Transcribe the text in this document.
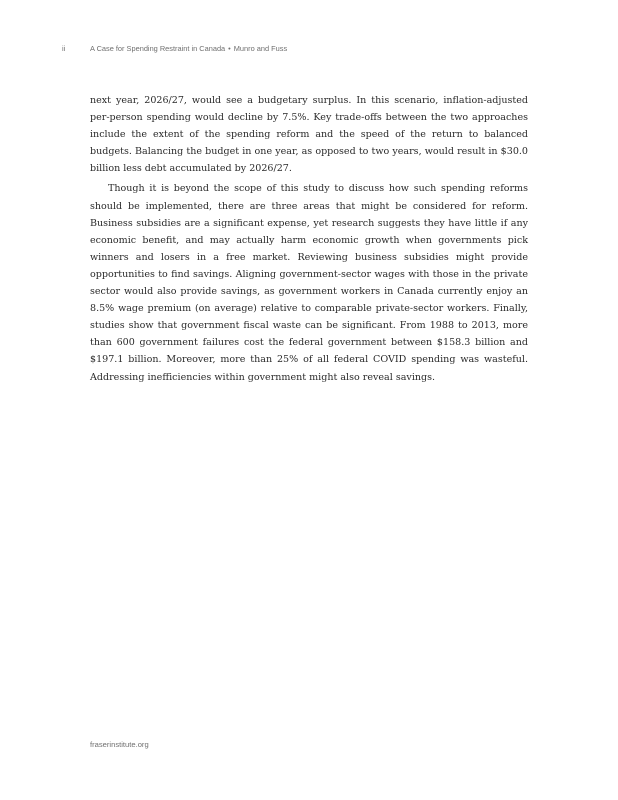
ii	A Case for Spending Restraint in Canada • Munro and Fuss

next year, 2026/27, would see a budgetary surplus. In this scenario, inflation-adjusted per-person spending would decline by 7.5%. Key trade-offs between the two approaches include the extent of the spending reform and the speed of the return to balanced budgets. Balancing the budget in one year, as opposed to two years, would result in $30.0 billion less debt accumulated by 2026/27.

Though it is beyond the scope of this study to discuss how such spending reforms should be implemented, there are three areas that might be considered for reform. Business subsidies are a significant expense, yet research suggests they have little if any economic benefit, and may actually harm economic growth when governments pick winners and losers in a free market. Reviewing business subsidies might provide opportunities to find savings. Aligning government-sector wages with those in the private sector would also provide savings, as government workers in Canada currently enjoy an 8.5% wage premium (on average) relative to comparable private-sector workers. Finally, studies show that government fiscal waste can be significant. From 1988 to 2013, more than 600 government failures cost the federal government between $158.3 billion and $197.1 billion. Moreover, more than 25% of all federal COVID spending was wasteful. Addressing inefficiencies within government might also reveal savings.

fraserinstitute.org
